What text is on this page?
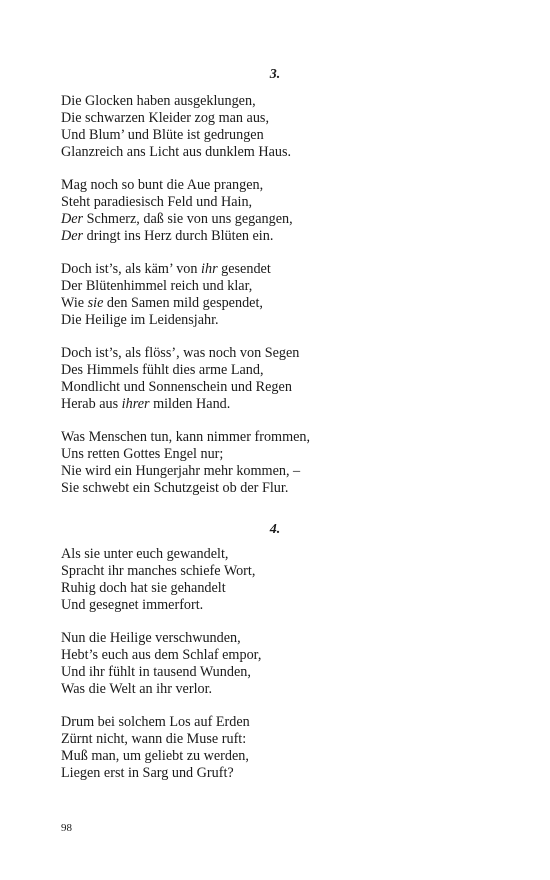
3.
Die Glocken haben ausgeklungen,
Die schwarzen Kleider zog man aus,
Und Blum’ und Blüte ist gedrungen
Glanzreich ans Licht aus dunklem Haus.
Mag noch so bunt die Aue prangen,
Steht paradiesisch Feld und Hain,
Der Schmerz, daß sie von uns gegangen,
Der dringt ins Herz durch Blüten ein.
Doch ist’s, als käm’ von ihr gesendet
Der Blütenhimmel reich und klar,
Wie sie den Samen mild gespendet,
Die Heilige im Leidensjahr.
Doch ist’s, als flöss’, was noch von Segen
Des Himmels fühlt dies arme Land,
Mondlicht und Sonnenschein und Regen
Herab aus ihrer milden Hand.
Was Menschen tun, kann nimmer frommen,
Uns retten Gottes Engel nur;
Nie wird ein Hungerjahr mehr kommen, –
Sie schwebt ein Schutzgeist ob der Flur.
4.
Als sie unter euch gewandelt,
Spracht ihr manches schiefe Wort,
Ruhig doch hat sie gehandelt
Und gesegnet immerfort.
Nun die Heilige verschwunden,
Hebt’s euch aus dem Schlaf empor,
Und ihr fühlt in tausend Wunden,
Was die Welt an ihr verlor.
Drum bei solchem Los auf Erden
Zürnt nicht, wann die Muse ruft:
Muß man, um geliebt zu werden,
Liegen erst in Sarg und Gruft?
98
